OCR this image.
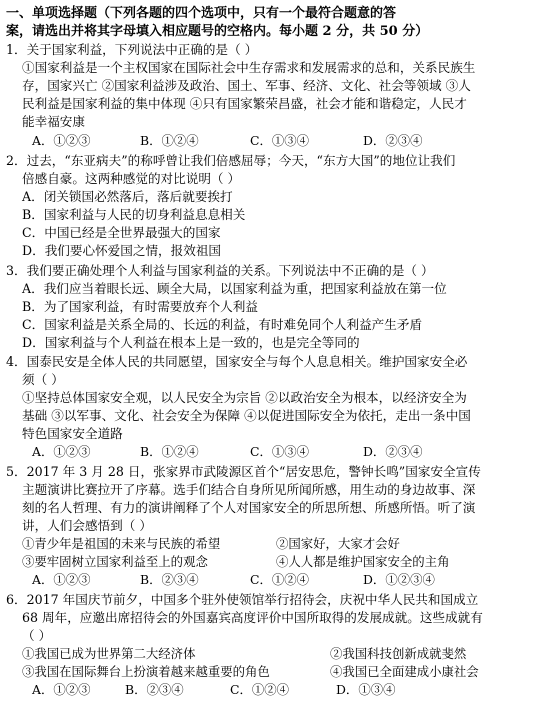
一、单项选择题（下列各题的四个选项中，只有一个最符合题意的答
案，请选出并将其字母填入相应题号的空格内。每小题 2 分，共 50 分）
1．关于国家利益，下列说法中正确的是（ ）
①国家利益是一个主权国家在国际社会中生存需求和发展需求的总和，关系民族生
存，国家兴亡 ②国家利益涉及政治、国土、军事、经济、文化、社会等领域 ③人
民利益是国家利益的集中体现 ④只有国家繁荣昌盛，社会才能和谐稳定，人民才
能幸福安康
A．①②③	B．①②④	C．①③④	D．②③④
2．过去，“东亚病夫”的称呼曾让我们倍感屈辱；今天，“东方大国”的地位让我们
倍感自豪。这两种感觉的对比说明（ ）
A．闭关锁国必然落后，落后就要挨打
B．国家利益与人民的切身利益息息相关
C．中国已经是全世界最强大的国家
D．我们要心怀爱国之情，报效祖国
3．我们要正确处理个人利益与国家利益的关系。下列说法中不正确的是（ ）
A．我们应当着眼长远、顾全大局，以国家利益为重，把国家利益放在第一位
B．为了国家利益，有时需要放弃个人利益
C．国家利益是关系全局的、长远的利益，有时难免同个人利益产生矛盾
D．国家利益与个人利益在根本上是一致的，也是完全等同的
4．国泰民安是全体人民的共同愿望，国家安全与每个人息息相关。维护国家安全必
须（ ）
①坚持总体国家安全观，以人民安全为宗旨 ②以政治安全为根本，以经济安全为
基础 ③以军事、文化、社会安全为保障 ④以促进国际安全为依托，走出一条中国
特色国家安全道路
A．①②③	B．①②④	C．①③④	D．②③④
5．2017 年 3 月 28 日，张家界市武陵源区首个“居安思危，警钟长鸣”国家安全宣传
主题演讲比赛拉开了序幕。选手们结合自身所见所闻所感，用生动的身边故事、深
刻的名人哲理、有力的演讲阐释了个人对国家安全的所思所想、所感所悟。听了演
讲，人们会感悟到（ ）
①青少年是祖国的未来与民族的希望	②国家好，大家才会好
③要牢固树立国家利益至上的观念	④人人都是维护国家安全的主角
A．①②③	B．②③④	C．①②④	D．①②③④
6．2017 年国庆节前夕，中国多个驻外使领馆举行招待会，庆祝中华人民共和国成立
68 周年，应邀出席招待会的外国嘉宾高度评价中国所取得的发展成就。这些成就有
（ ）
①我国已成为世界第二大经济体	②我国科技创新成就斐然
③我国在国际舞台上扮演着越来越重要的角色	④我国已全面建成小康社会
A．①②③	B．②③④	C．①②④	D．①③④
